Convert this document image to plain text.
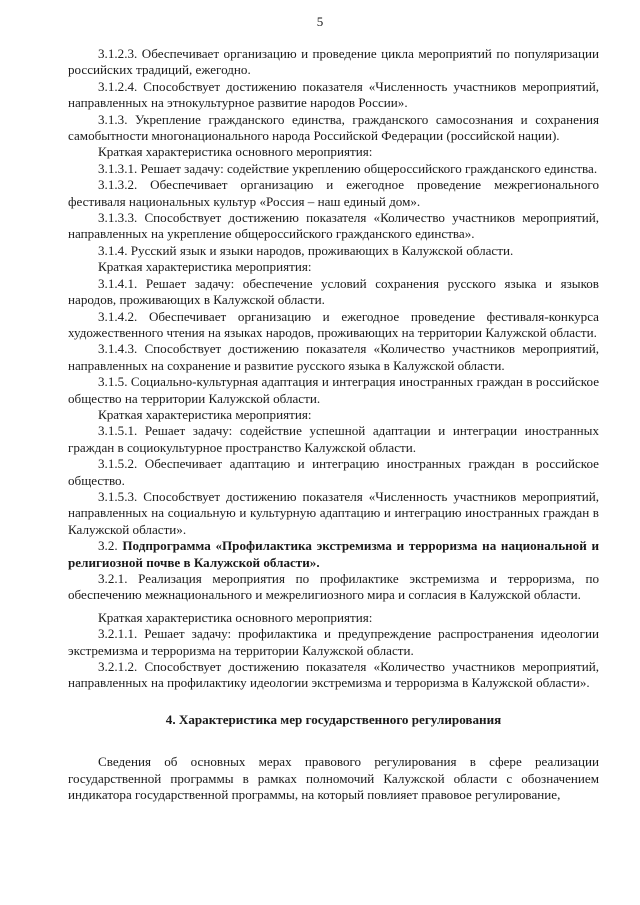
5

3.1.2.3. Обеспечивает организацию и проведение цикла мероприятий по популяризации российских традиций, ежегодно.

3.1.2.4. Способствует достижению показателя «Численность участников мероприятий, направленных на этнокультурное развитие народов России».

3.1.3. Укрепление гражданского единства, гражданского самосознания и сохранения самобытности многонационального народа Российской Федерации (российской нации).

Краткая характеристика основного мероприятия:

3.1.3.1. Решает задачу: содействие укреплению общероссийского гражданского единства.

3.1.3.2. Обеспечивает организацию и ежегодное проведение межрегионального фестиваля национальных культур «Россия – наш единый дом».

3.1.3.3. Способствует достижению показателя «Количество участников мероприятий, направленных на укрепление общероссийского гражданского единства».

3.1.4. Русский язык и языки народов, проживающих в Калужской области.

Краткая характеристика мероприятия:

3.1.4.1. Решает задачу: обеспечение условий сохранения русского языка и языков народов, проживающих в Калужской области.

3.1.4.2. Обеспечивает организацию и ежегодное проведение фестиваля-конкурса художественного чтения на языках народов, проживающих на территории Калужской области.

3.1.4.3. Способствует достижению показателя «Количество участников мероприятий, направленных на сохранение и развитие русского языка в Калужской области.

3.1.5. Социально-культурная адаптация и интеграция иностранных граждан в российское общество на территории Калужской области.

Краткая характеристика мероприятия:

3.1.5.1. Решает задачу: содействие успешной адаптации и интеграции иностранных граждан в социокультурное пространство Калужской области.

3.1.5.2. Обеспечивает адаптацию и интеграцию иностранных граждан в российское общество.

3.1.5.3. Способствует достижению показателя «Численность участников мероприятий, направленных на социальную и культурную адаптацию и интеграцию иностранных граждан в Калужской области».

3.2. Подпрограмма «Профилактика экстремизма и терроризма на национальной и религиозной почве в Калужской области».

3.2.1. Реализация мероприятия по профилактике экстремизма и терроризма, по обеспечению межнационального и межрелигиозного мира и согласия в Калужской области.

Краткая характеристика основного мероприятия:

3.2.1.1. Решает задачу: профилактика и предупреждение распространения идеологии экстремизма и терроризма на территории Калужской области.

3.2.1.2. Способствует достижению показателя «Количество участников мероприятий, направленных на профилактику идеологии экстремизма и терроризма в Калужской области».

4. Характеристика мер государственного регулирования

Сведения об основных мерах правового регулирования в сфере реализации государственной программы в рамках полномочий Калужской области с обозначением индикатора государственной программы, на который повлияет правовое регулирование,
